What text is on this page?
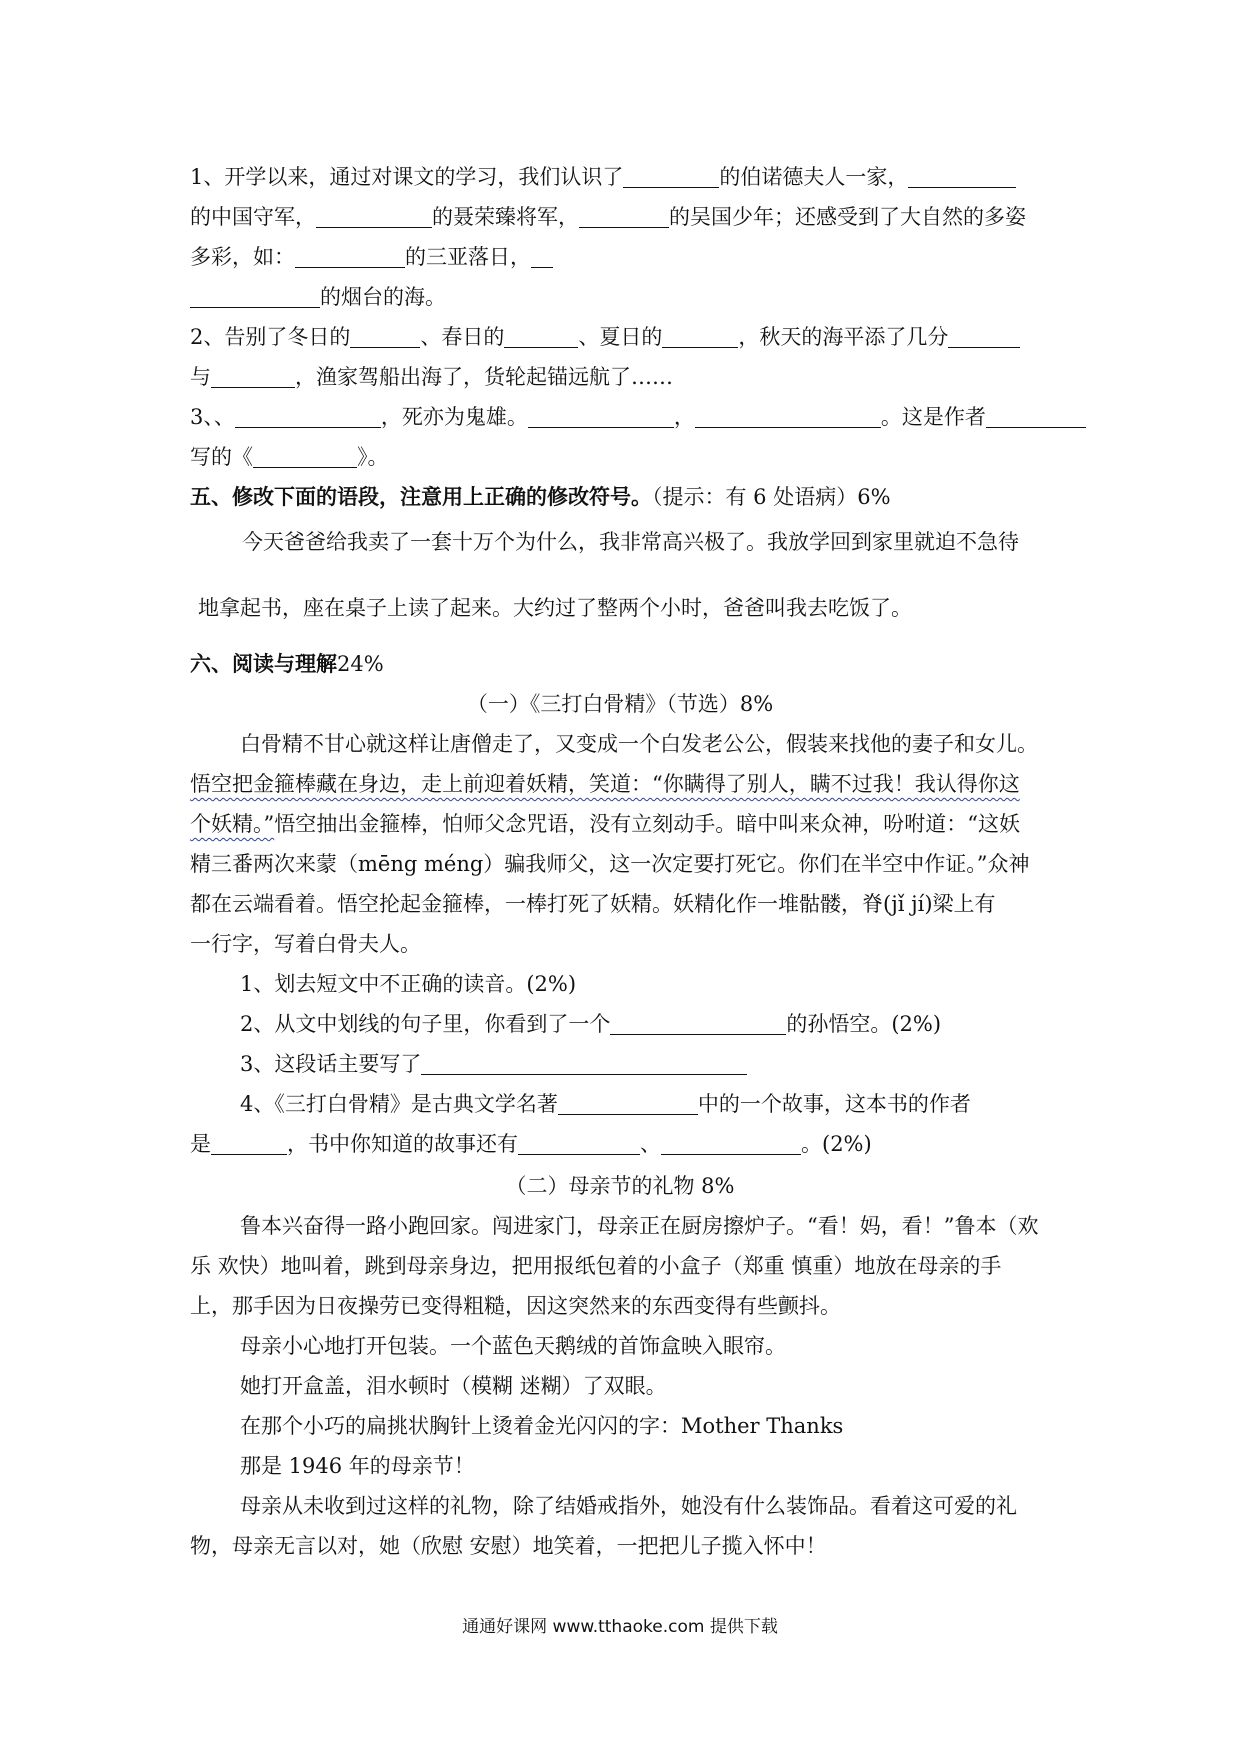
1、开学以来，通过对课文的学习，我们认识了	的伯诺德夫人一家，
的中国守军，	的聂荣臻将军，	的吴国少年；还感受到了大自然的多姿
多彩，如：	的三亚落日，
的烟台的海。
2、告别了冬日的	、春日的	、夏日的	，秋天的海平添了几分
与	，渔家驾船出海了，货轮起锚远航了……
3、、	，死亦为鬼雄。	，	。这是作者
写的《	》。
五、修改下面的语段，注意用上正确的修改符号。（提示：有 6 处语病）6%
今天爸爸给我卖了一套十万个为什么，我非常高兴极了。我放学回到家里就迫不急待
地拿起书，座在桌子上读了起来。大约过了整两个小时，爸爸叫我去吃饭了。
六、阅读与理解24%
（一）《三打白骨精》（节选）8%
白骨精不甘心就这样让唐僧走了，又变成一个白发老公公，假装来找他的妻子和女儿。
悟空把金箍棒藏在身边，走上前迎着妖精，笑道：“你瞒得了别人，瞒不过我！我认得你这
个妖精。”悟空抽出金箍棒，怕师父念咒语，没有立刻动手。暗中叫来众神，吩咐道：“这妖
精三番两次来蒙（mēng méng）骗我师父，这一次定要打死它。你们在半空中作证。”众神
都在云端看着。悟空抡起金箍棒，一棒打死了妖精。妖精化作一堆骷髅，脊(jǐ jí)梁上有
一行字，写着白骨夫人。
1、划去短文中不正确的读音。(2%)
2、从文中划线的句子里，你看到了一个	的孙悟空。(2%)
3、这段话主要写了
4、《三打白骨精》是古典文学名著	中的一个故事，这本书的作者
是	，书中你知道的故事还有	、	。(2%)
（二）母亲节的礼物 8%
鲁本兴奋得一路小跑回家。闯进家门，母亲正在厨房擦炉子。“看！妈，看！”鲁本（欢
乐 欢快）地叫着，跳到母亲身边，把用报纸包着的小盒子（郑重 慎重）地放在母亲的手
上，那手因为日夜操劳已变得粗糙，因这突然来的东西变得有些颤抖。
母亲小心地打开包装。一个蓝色天鹅绒的首饰盒映入眼帘。
她打开盒盖，泪水顿时（模糊 迷糊）了双眼。
在那个小巧的扁挑状胸针上烫着金光闪闪的字：Mother Thanks
那是 1946 年的母亲节！
母亲从未收到过这样的礼物，除了结婚戒指外，她没有什么装饰品。看着这可爱的礼
物，母亲无言以对，她（欣慰 安慰）地笑着，一把把儿子揽入怀中！
通通好课网 www.tthaoke.com 提供下载
